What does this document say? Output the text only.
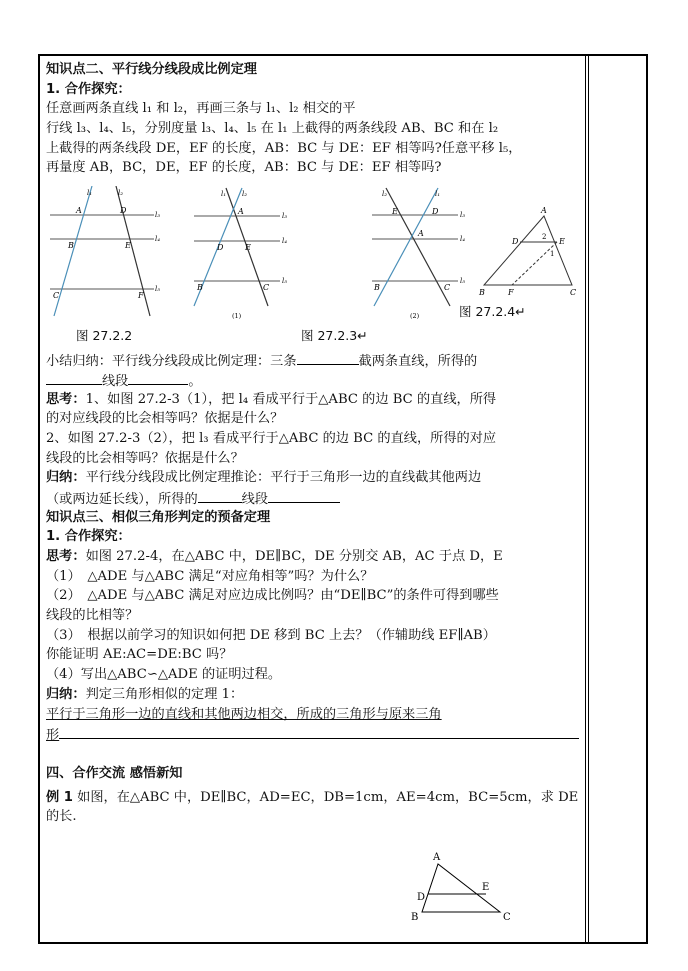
知识点二、平行线分线段成比例定理
1. 合作探究：
任意画两条直线 l₁ 和 l₂，再画三条与 l₁、l₂ 相交的平
行线 l₃、l₄、l₅，分别度量 l₃、l₄、l₅ 在 l₁ 上截得的两条线段 AB、BC 和在 l₂
上截得的两条线段 DE，EF 的长度，AB：BC 与 DE：EF 相等吗?任意平移 l₅，
再量度 AB，BC，DE，EF 的长度，AB：BC 与 DE：EF 相等吗?
小结归纳：平行线分线段成比例定理：三条	截两条直线，所得的
线段	。
思考：1、如图 27.2-3（1），把 l₄ 看成平行于△ABC 的边 BC 的直线，所得
的对应线段的比会相等吗？依据是什么？
2、如图 27.2-3（2），把 l₃ 看成平行于△ABC 的边 BC 的直线，所得的对应
线段的比会相等吗？依据是什么？
归纳：平行线分线段成比例定理推论：平行于三角形一边的直线截其他两边
（或两边延长线），所得的	线段
知识点三、相似三角形判定的预备定理
1. 合作探究：
思考：如图 27.2-4，在△ABC 中，DE∥BC，DE 分别交 AB，AC 于点 D，E
（1）　△ADE 与△ABC 满足“对应角相等”吗？为什么？
（2）　△ADE 与△ABC 满足对应边成比例吗？由“DE∥BC”的条件可得到哪些
线段的比相等？
（3）　根据以前学习的知识如何把 DE 移到 BC 上去？（作辅助线 EF∥AB）
你能证明 AE:AC=DE:BC 吗？
（4）写出△ABC∽△ADE 的证明过程。
归纳：判定三角形相似的定理 1：
平行于三角形一边的直线和其他两边相交，所成的三角形与原来三角
形
四、合作交流 感悟新知
例 1 如图，在△ABC 中，DE∥BC，AD=EC，DB=1cm，AE=4cm，BC=5cm，求 DE
的长.
l₁	l₂
l₃
l₄
l₅
A
B
C
D
E
F
l₁ l₂
l₃
l₄
l₅
A
D	E
B	C
(1)
l₂	l₁
l₃
l₄
l₅
E	D
A
B	C
(2)
A
D	E
B	F	C
2
1
图 27.2.4↵
图 27.2.2	图 27.2.3↵
A
D
E
B	C
